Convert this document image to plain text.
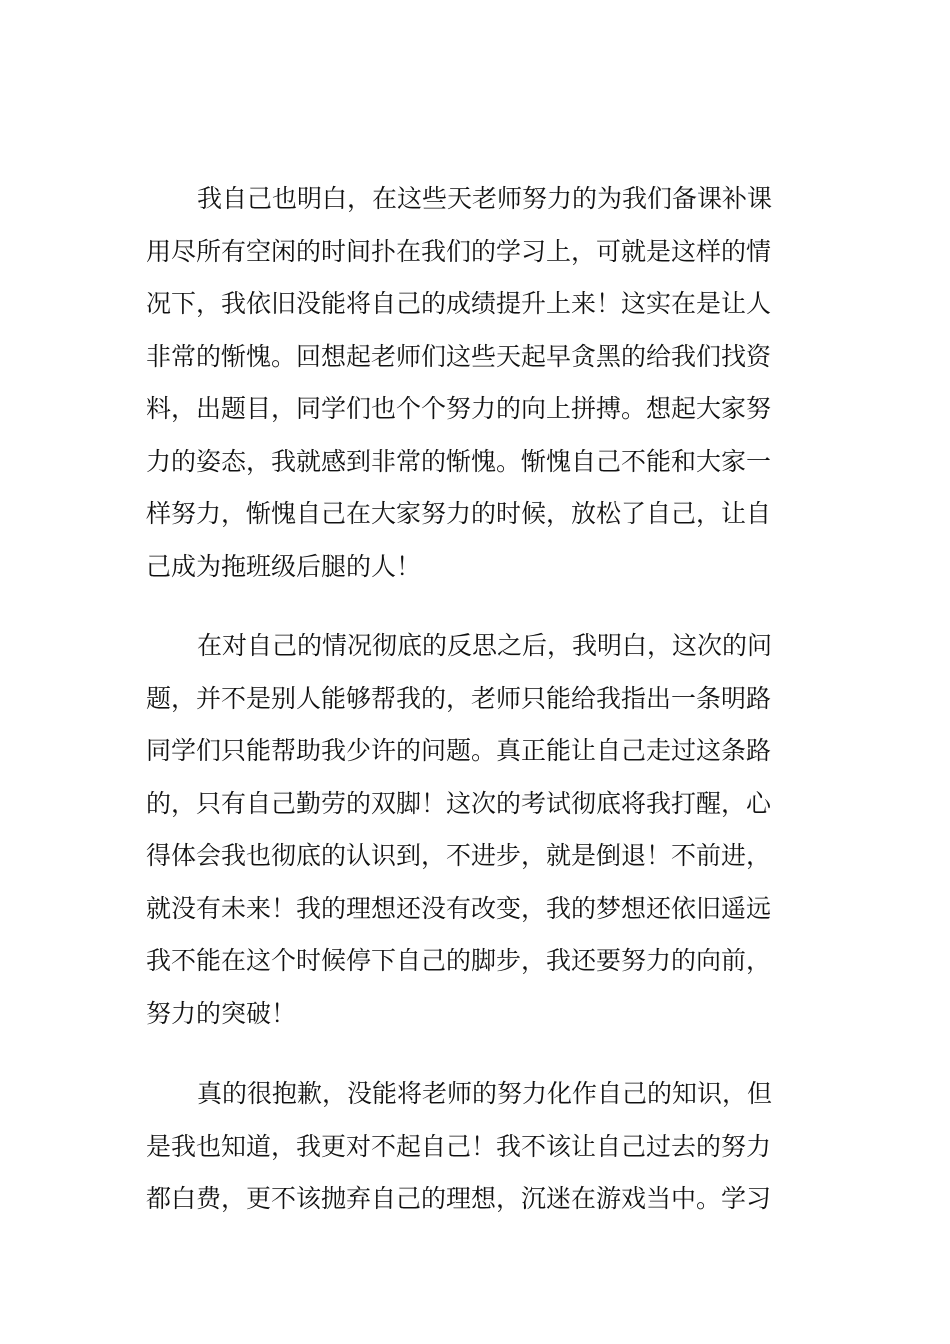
我自己也明白，在这些天老师努力的为我们备课补课
用尽所有空闲的时间扑在我们的学习上，可就是这样的情
况下，我依旧没能将自己的成绩提升上来！这实在是让人
非常的惭愧。回想起老师们这些天起早贪黑的给我们找资
料，出题目，同学们也个个努力的向上拼搏。想起大家努
力的姿态，我就感到非常的惭愧。惭愧自己不能和大家一
样努力，惭愧自己在大家努力的时候，放松了自己，让自
己成为拖班级后腿的人！
在对自己的情况彻底的反思之后，我明白，这次的问
题，并不是别人能够帮我的，老师只能给我指出一条明路
同学们只能帮助我少许的问题。真正能让自己走过这条路
的，只有自己勤劳的双脚！这次的考试彻底将我打醒，心
得体会我也彻底的认识到，不进步，就是倒退！不前进，
就没有未来！我的理想还没有改变，我的梦想还依旧遥远
我不能在这个时候停下自己的脚步，我还要努力的向前，
努力的突破！
真的很抱歉，没能将老师的努力化作自己的知识，但
是我也知道，我更对不起自己！我不该让自己过去的努力
都白费，更不该抛弃自己的理想，沉迷在游戏当中。学习
